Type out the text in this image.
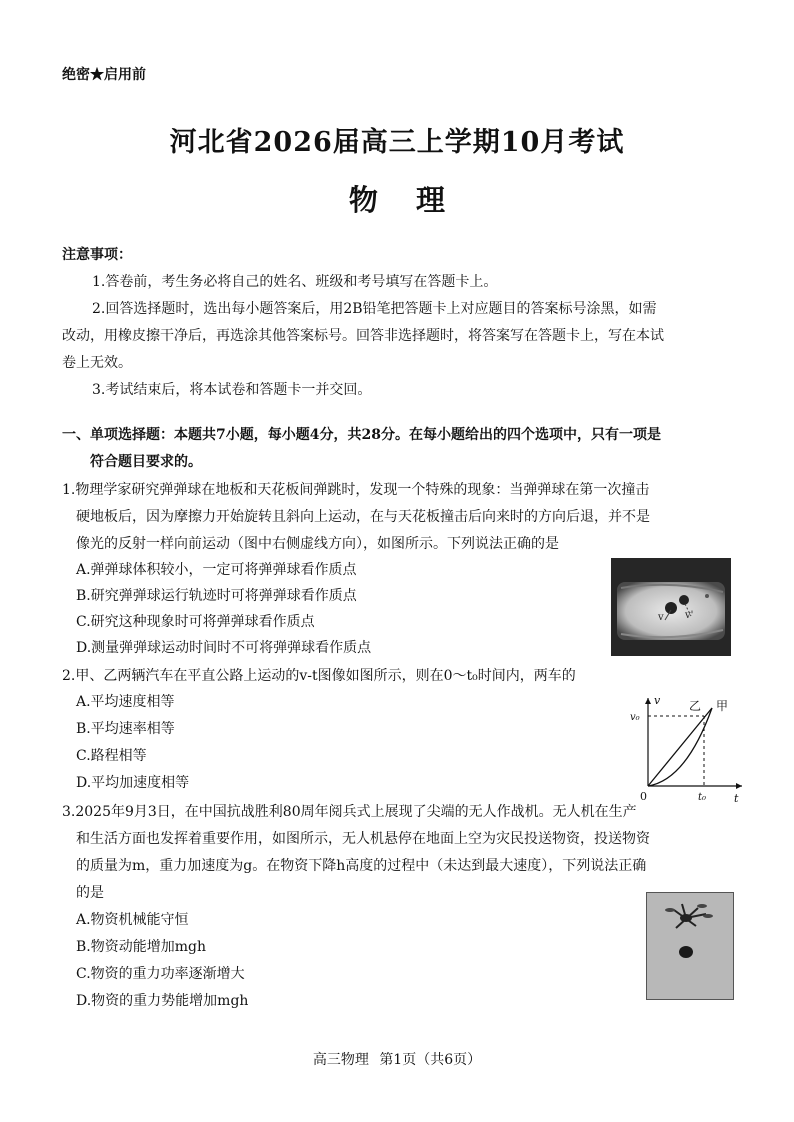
绝密★启用前
河北省2026届高三上学期10月考试
物 理
注意事项：
1.答卷前，考生务必将自己的姓名、班级和考号填写在答题卡上。
2.回答选择题时，选出每小题答案后，用2B铅笔把答题卡上对应题目的答案标号涂黑，如需
改动，用橡皮擦干净后，再选涂其他答案标号。回答非选择题时，将答案写在答题卡上，写在本试
卷上无效。
3.考试结束后，将本试卷和答题卡一并交回。
一、单项选择题：本题共7小题，每小题4分，共28分。在每小题给出的四个选项中，只有一项是
符合题目要求的。
1.物理学家研究弹弹球在地板和天花板间弹跳时，发现一个特殊的现象：当弹弹球在第一次撞击
硬地板后，因为摩擦力开始旋转且斜向上运动，在与天花板撞击后向来时的方向后退，并不是
像光的反射一样向前运动（图中右侧虚线方向），如图所示。下列说法正确的是
A.弹弹球体积较小，一定可将弹弹球看作质点
B.研究弹弹球运行轨迹时可将弹弹球看作质点
C.研究这种现象时可将弹弹球看作质点
D.测量弹弹球运动时间时不可将弹弹球看作质点
v v'
2.甲、乙两辆汽车在平直公路上运动的v-t图像如图所示，则在0～t₀时间内，两车的
A.平均速度相等
B.平均速率相等
C.路程相等
D.平均加速度相等
v
t
0
v₀
t₀
乙 甲
3.2025年9月3日，在中国抗战胜利80周年阅兵式上展现了尖端的无人作战机。无人机在生产
和生活方面也发挥着重要作用，如图所示，无人机悬停在地面上空为灾民投送物资，投送物资
的质量为m，重力加速度为g。在物资下降h高度的过程中（未达到最大速度），下列说法正确
的是
A.物资机械能守恒
B.物资动能增加mgh
C.物资的重力功率逐渐增大
D.物资的重力势能增加mgh
高三物理 第1页（共6页）
